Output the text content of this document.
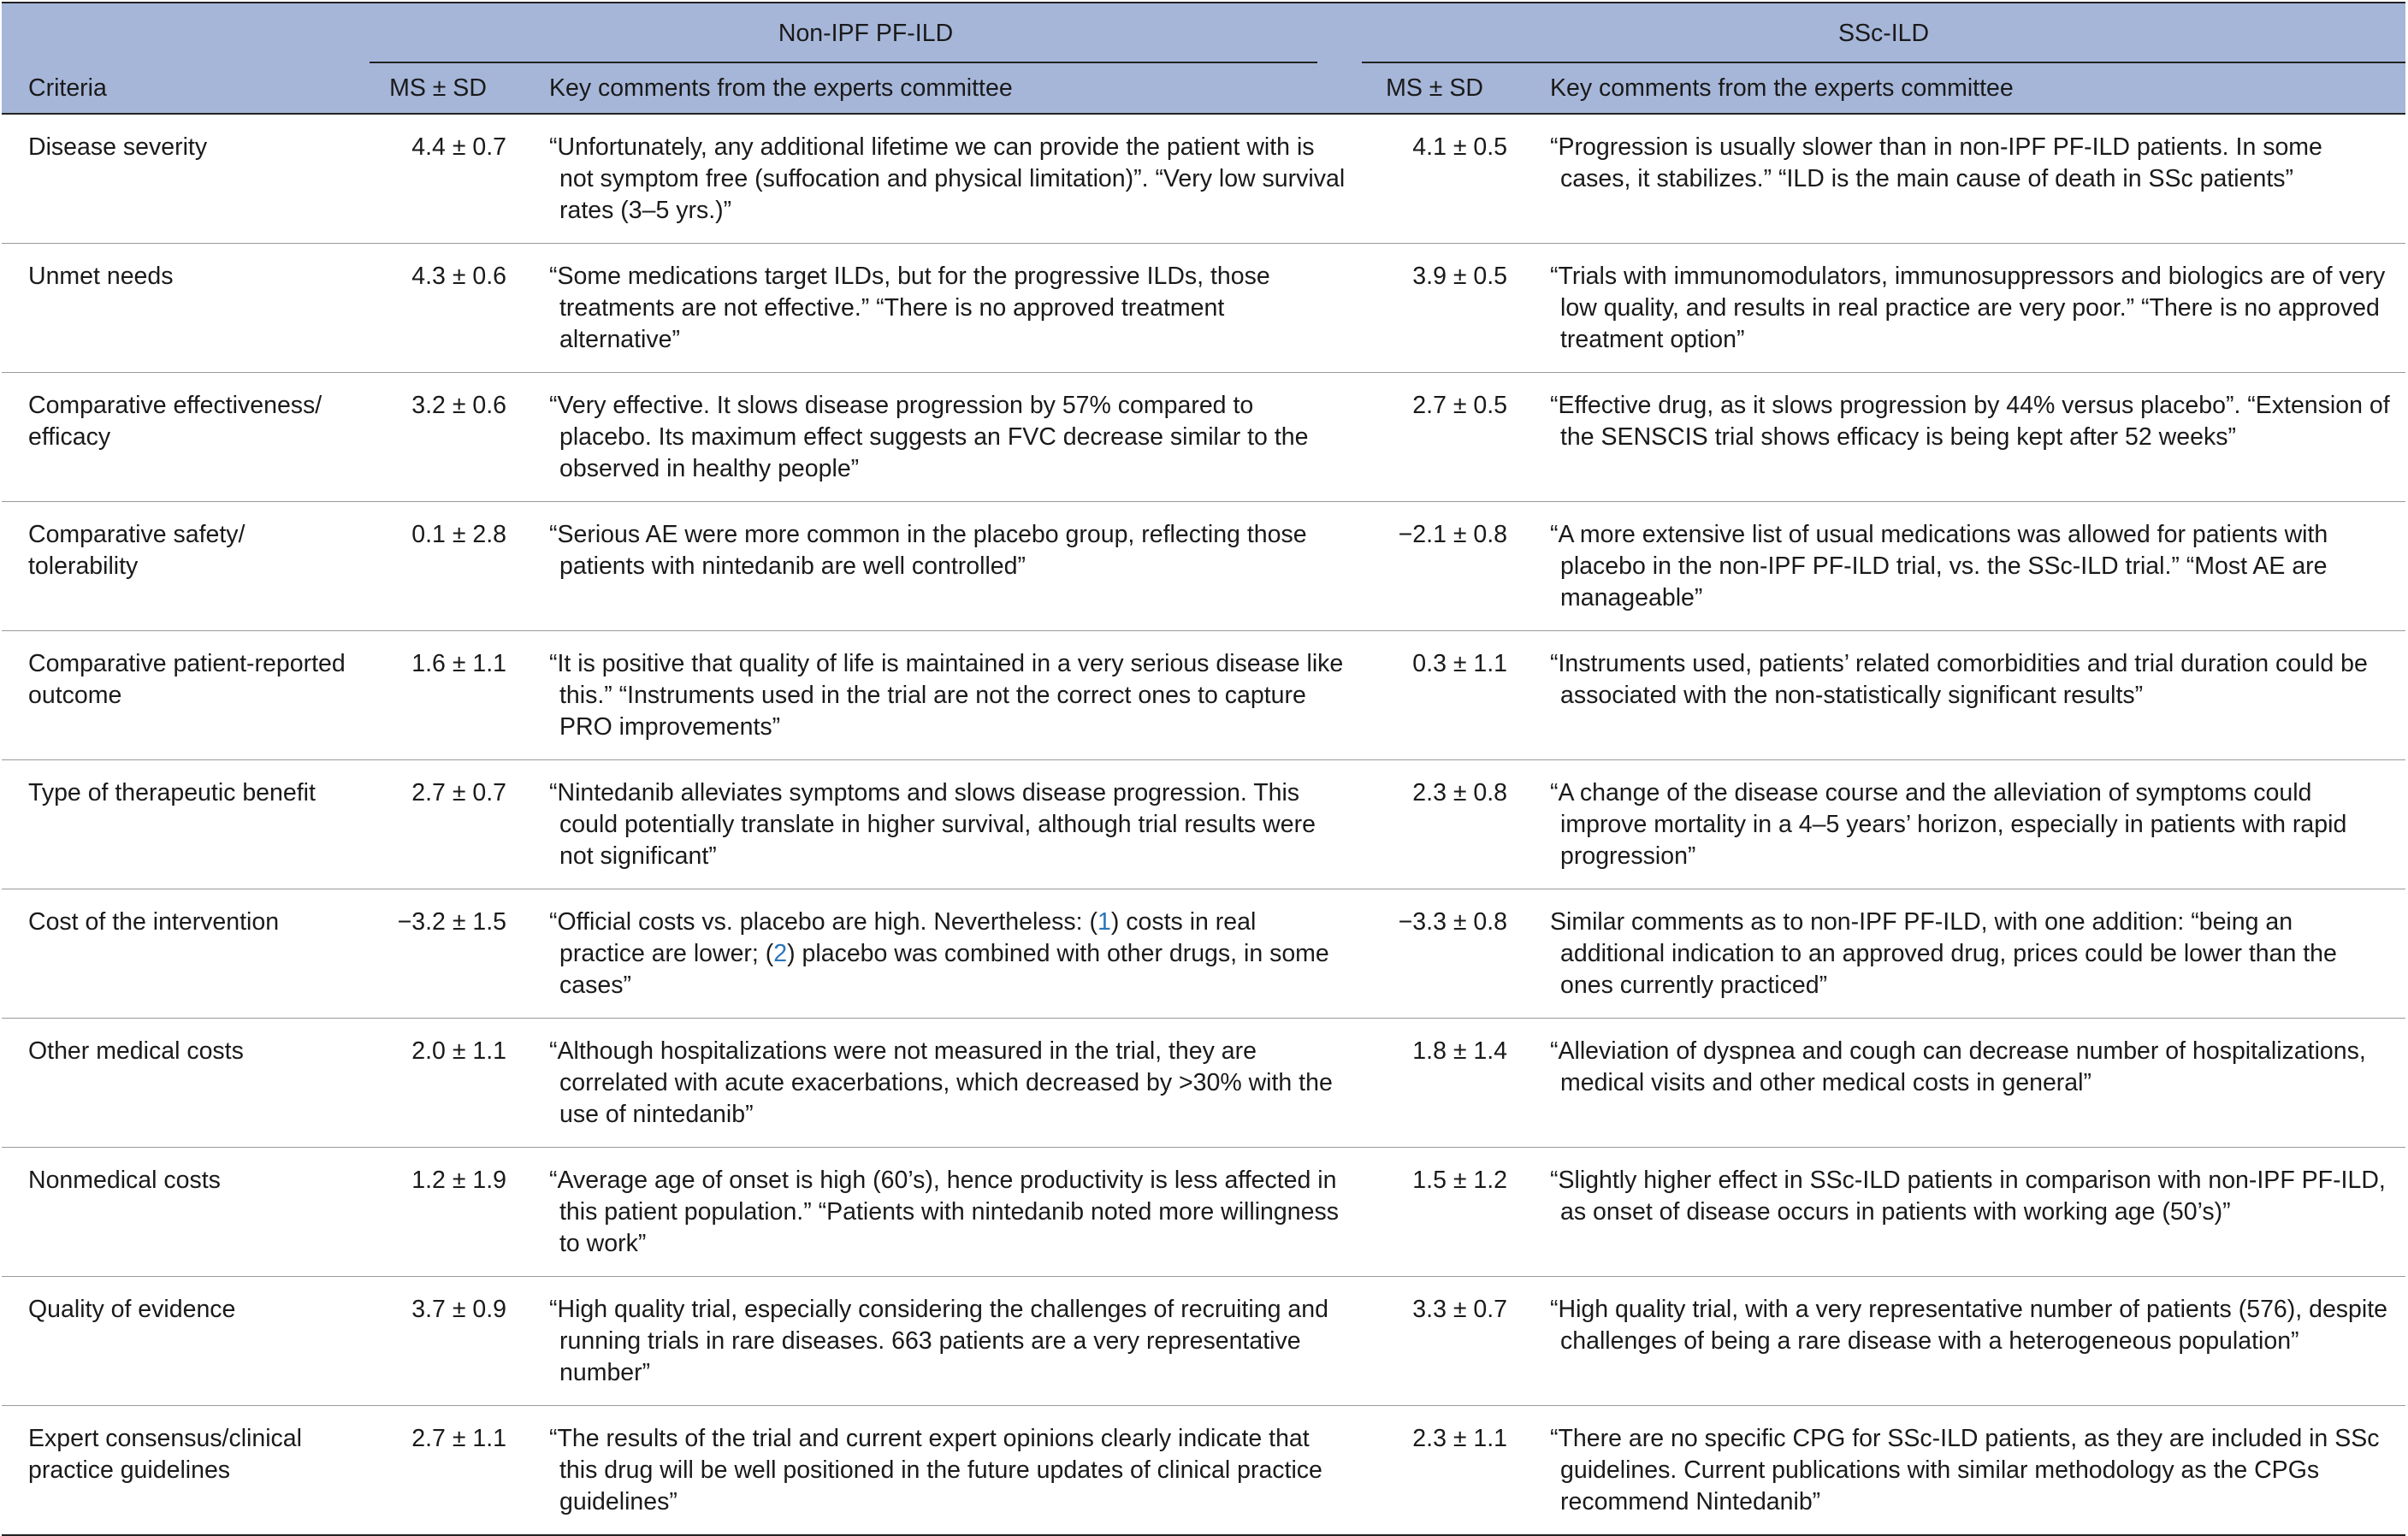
	Non-IPF PF-ILD		SSc-ILD	

Criteria	MS ± SD	Key comments from the experts committee	MS ± SD	Key comments from the experts committee
Disease severity	4.4 ± 0.7	“Unfortunately, any additional lifetime we can provide the patient with is not symptom free (suffocation and physical limitation)”. “Very low survival rates (3–5 yrs.)”	4.1 ± 0.5	“Progression is usually slower than in non-IPF PF-ILD patients. In some cases, it stabilizes.” “ILD is the main cause of death in SSc patients”

Unmet needs	4.3 ± 0.6	“Some medications target ILDs, but for the progressive ILDs, those treatments are not effective.” “There is no approved treatment alternative”	3.9 ± 0.5	“Trials with immunomodulators, immunosuppressors and biologics are of very low quality, and results in real practice are very poor.” “There is no approved treatment option”

Comparative effectiveness/ efficacy	3.2 ± 0.6	“Very effective. It slows disease progression by 57% compared to placebo. Its maximum effect suggests an FVC decrease similar to the observed in healthy people”	2.7 ± 0.5	“Effective drug, as it slows progression by 44% versus placebo”. “Extension of the SENSCIS trial shows efficacy is being kept after 52 weeks”

Comparative safety/ tolerability	0.1 ± 2.8	“Serious AE were more common in the placebo group, reflecting those patients with nintedanib are well controlled”	−2.1 ± 0.8	“A more extensive list of usual medications was allowed for patients with placebo in the non-IPF PF-ILD trial, vs. the SSc-ILD trial.” “Most AE are manageable”

Comparative patient-reported outcome	1.6 ± 1.1	“It is positive that quality of life is maintained in a very serious disease like this.” “Instruments used in the trial are not the correct ones to capture PRO improvements”	0.3 ± 1.1	“Instruments used, patients’ related comorbidities and trial duration could be associated with the non-statistically significant results”

Type of therapeutic benefit	2.7 ± 0.7	“Nintedanib alleviates symptoms and slows disease progression. This could potentially translate in higher survival, although trial results were not significant”	2.3 ± 0.8	“A change of the disease course and the alleviation of symptoms could improve mortality in a 4–5 years’ horizon, especially in patients with rapid progression”

Cost of the intervention	−3.2 ± 1.5	“Official costs vs. placebo are high. Nevertheless: (1) costs in real practice are lower; (2) placebo was combined with other drugs, in some cases”	−3.3 ± 0.8	Similar comments as to non-IPF PF-ILD, with one addition: “being an additional indication to an approved drug, prices could be lower than the ones currently practiced”

Other medical costs	2.0 ± 1.1	“Although hospitalizations were not measured in the trial, they are correlated with acute exacerbations, which decreased by >30% with the use of nintedanib”	1.8 ± 1.4	“Alleviation of dyspnea and cough can decrease number of hospitalizations, medical visits and other medical costs in general”

Nonmedical costs	1.2 ± 1.9	“Average age of onset is high (60’s), hence productivity is less affected in this patient population.” “Patients with nintedanib noted more willingness to work”	1.5 ± 1.2	“Slightly higher effect in SSc-ILD patients in comparison with non-IPF PF-ILD, as onset of disease occurs in patients with working age (50’s)”

Quality of evidence	3.7 ± 0.9	“High quality trial, especially considering the challenges of recruiting and running trials in rare diseases. 663 patients are a very representative number”	3.3 ± 0.7	“High quality trial, with a very representative number of patients (576), despite challenges of being a rare disease with a heterogeneous population”

Expert consensus/clinical practice guidelines	2.7 ± 1.1	“The results of the trial and current expert opinions clearly indicate that this drug will be well positioned in the future updates of clinical practice guidelines”	2.3 ± 1.1	“There are no specific CPG for SSc-ILD patients, as they are included in SSc guidelines. Current publications with similar methodology as the CPGs recommend Nintedanib”
